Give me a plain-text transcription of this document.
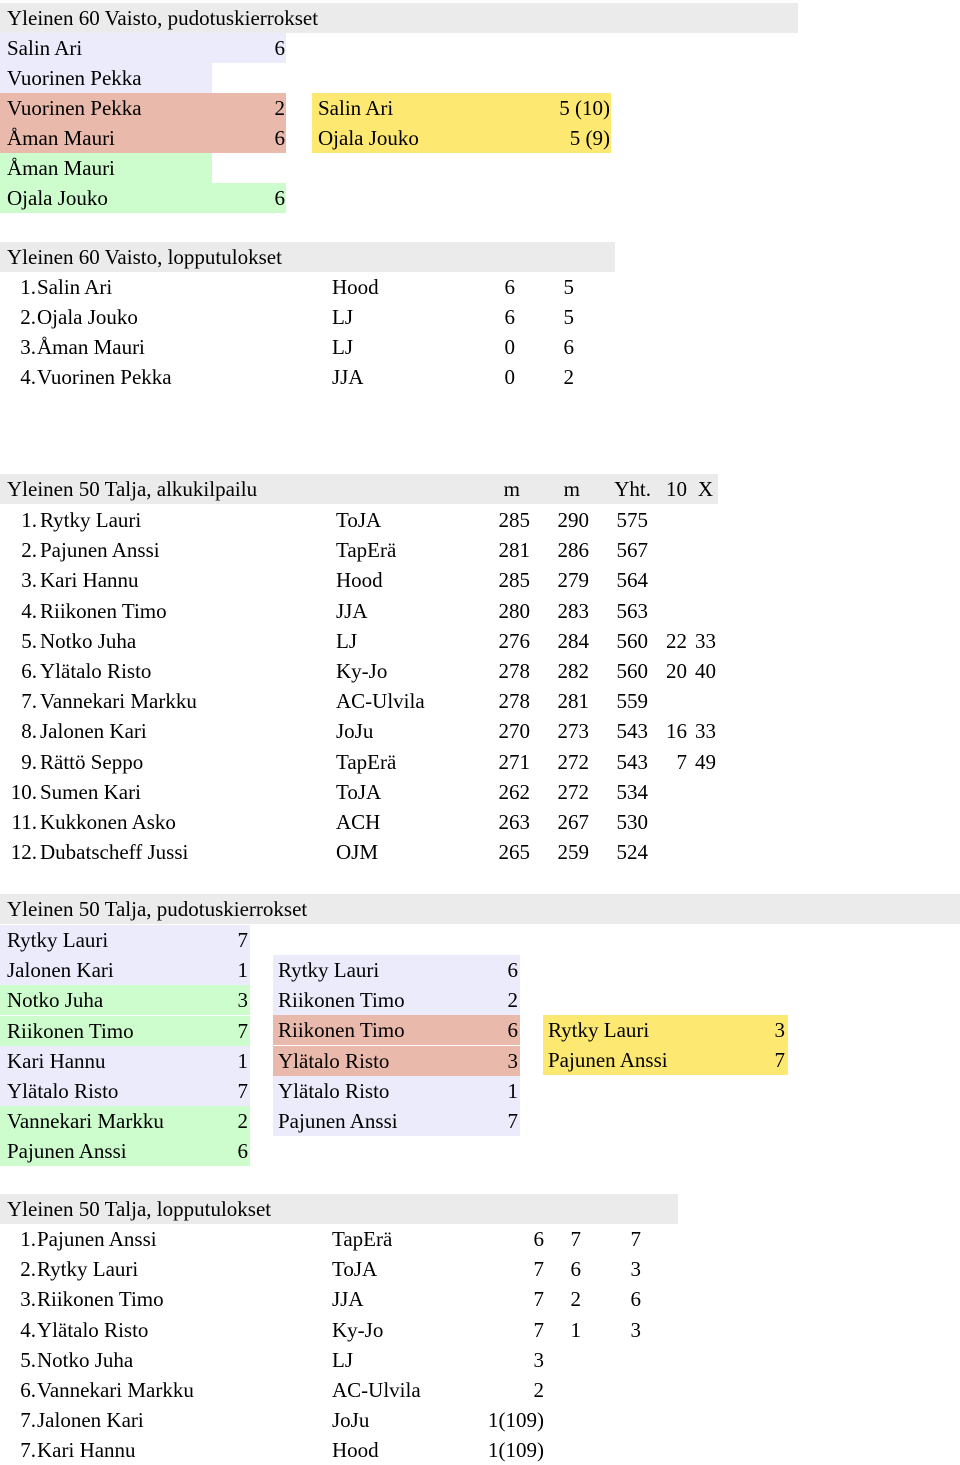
Yleinen 60 Vaisto, pudotuskierrokset
Salin Ari	6
Vuorinen Pekka
Vuorinen Pekka	2
Åman Mauri	6
Åman Mauri
Ojala Jouko	6
Salin Ari	5 (10)
Ojala Jouko	5 (9)
Yleinen 60 Vaisto, lopputulokset
1. Salin Ari	Hood	6	5
2. Ojala Jouko	LJ	6	5
3. Åman Mauri	LJ	0	6
4. Vuorinen Pekka	JJA	0	2
Yleinen 50 Talja, alkukilpailu	m	m	Yht. 10 X
1. Rytky Lauri	ToJA	285	290	575
2. Pajunen Anssi	TapErä	281	286	567
3. Kari Hannu	Hood	285	279	564
4. Riikonen Timo	JJA	280	283	563
5. Notko Juha	LJ	276	284	560 22 33
6. Ylätalo Risto	Ky-Jo	278	282	560 20 40
7. Vannekari Markku	AC-Ulvila	278	281	559
8. Jalonen Kari	JoJu	270	273	543 16 33
9. Rättö Seppo	TapErä	271	272	543	7 49
10. Sumen Kari	ToJA	262	272	534
11. Kukkonen Asko	ACH	263	267	530
12. Dubatscheff Jussi	OJM	265	259	524
Yleinen 50 Talja, pudotuskierrokset
Rytky Lauri	7
Jalonen Kari	1
Notko Juha	3
Riikonen Timo	7
Kari Hannu	1
Ylätalo Risto	7
Vannekari Markku	2
Pajunen Anssi	6
Rytky Lauri	6
Riikonen Timo	2
Riikonen Timo	6
Ylätalo Risto	3
Ylätalo Risto	1
Pajunen Anssi	7
Rytky Lauri	3
Pajunen Anssi	7
Yleinen 50 Talja, lopputulokset
1. Pajunen Anssi	TapErä	6	7	7
2. Rytky Lauri	ToJA	7	6	3
3. Riikonen Timo	JJA	7	2	6
4. Ylätalo Risto	Ky-Jo	7	1	3
5. Notko Juha	LJ	3
6. Vannekari Markku	AC-Ulvila	2
7. Jalonen Kari	JoJu	1(109)
7. Kari Hannu	Hood	1(109)
